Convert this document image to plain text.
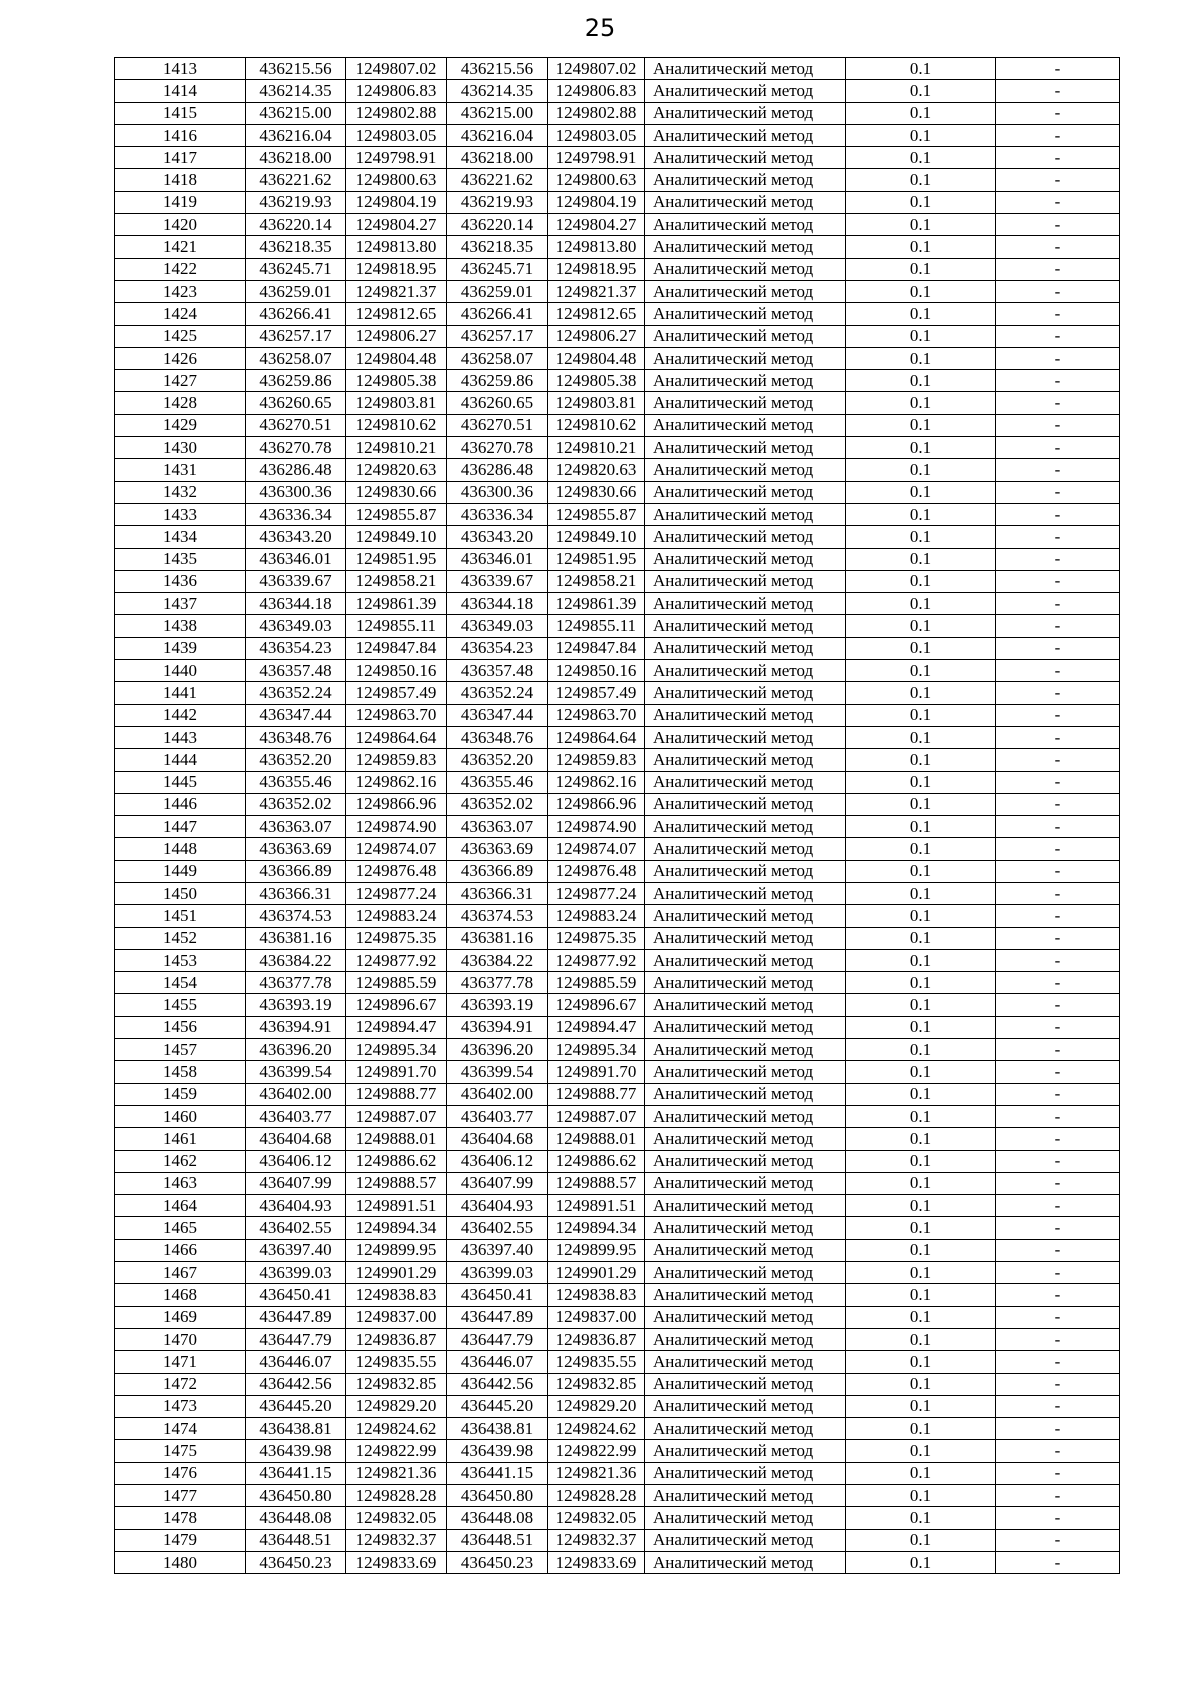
25
1413	436215.56	1249807.02	436215.56	1249807.02	Аналитический метод	0.1	-
1414	436214.35	1249806.83	436214.35	1249806.83	Аналитический метод	0.1	-
1415	436215.00	1249802.88	436215.00	1249802.88	Аналитический метод	0.1	-
1416	436216.04	1249803.05	436216.04	1249803.05	Аналитический метод	0.1	-
1417	436218.00	1249798.91	436218.00	1249798.91	Аналитический метод	0.1	-
1418	436221.62	1249800.63	436221.62	1249800.63	Аналитический метод	0.1	-
1419	436219.93	1249804.19	436219.93	1249804.19	Аналитический метод	0.1	-
1420	436220.14	1249804.27	436220.14	1249804.27	Аналитический метод	0.1	-
1421	436218.35	1249813.80	436218.35	1249813.80	Аналитический метод	0.1	-
1422	436245.71	1249818.95	436245.71	1249818.95	Аналитический метод	0.1	-
1423	436259.01	1249821.37	436259.01	1249821.37	Аналитический метод	0.1	-
1424	436266.41	1249812.65	436266.41	1249812.65	Аналитический метод	0.1	-
1425	436257.17	1249806.27	436257.17	1249806.27	Аналитический метод	0.1	-
1426	436258.07	1249804.48	436258.07	1249804.48	Аналитический метод	0.1	-
1427	436259.86	1249805.38	436259.86	1249805.38	Аналитический метод	0.1	-
1428	436260.65	1249803.81	436260.65	1249803.81	Аналитический метод	0.1	-
1429	436270.51	1249810.62	436270.51	1249810.62	Аналитический метод	0.1	-
1430	436270.78	1249810.21	436270.78	1249810.21	Аналитический метод	0.1	-
1431	436286.48	1249820.63	436286.48	1249820.63	Аналитический метод	0.1	-
1432	436300.36	1249830.66	436300.36	1249830.66	Аналитический метод	0.1	-
1433	436336.34	1249855.87	436336.34	1249855.87	Аналитический метод	0.1	-
1434	436343.20	1249849.10	436343.20	1249849.10	Аналитический метод	0.1	-
1435	436346.01	1249851.95	436346.01	1249851.95	Аналитический метод	0.1	-
1436	436339.67	1249858.21	436339.67	1249858.21	Аналитический метод	0.1	-
1437	436344.18	1249861.39	436344.18	1249861.39	Аналитический метод	0.1	-
1438	436349.03	1249855.11	436349.03	1249855.11	Аналитический метод	0.1	-
1439	436354.23	1249847.84	436354.23	1249847.84	Аналитический метод	0.1	-
1440	436357.48	1249850.16	436357.48	1249850.16	Аналитический метод	0.1	-
1441	436352.24	1249857.49	436352.24	1249857.49	Аналитический метод	0.1	-
1442	436347.44	1249863.70	436347.44	1249863.70	Аналитический метод	0.1	-
1443	436348.76	1249864.64	436348.76	1249864.64	Аналитический метод	0.1	-
1444	436352.20	1249859.83	436352.20	1249859.83	Аналитический метод	0.1	-
1445	436355.46	1249862.16	436355.46	1249862.16	Аналитический метод	0.1	-
1446	436352.02	1249866.96	436352.02	1249866.96	Аналитический метод	0.1	-
1447	436363.07	1249874.90	436363.07	1249874.90	Аналитический метод	0.1	-
1448	436363.69	1249874.07	436363.69	1249874.07	Аналитический метод	0.1	-
1449	436366.89	1249876.48	436366.89	1249876.48	Аналитический метод	0.1	-
1450	436366.31	1249877.24	436366.31	1249877.24	Аналитический метод	0.1	-
1451	436374.53	1249883.24	436374.53	1249883.24	Аналитический метод	0.1	-
1452	436381.16	1249875.35	436381.16	1249875.35	Аналитический метод	0.1	-
1453	436384.22	1249877.92	436384.22	1249877.92	Аналитический метод	0.1	-
1454	436377.78	1249885.59	436377.78	1249885.59	Аналитический метод	0.1	-
1455	436393.19	1249896.67	436393.19	1249896.67	Аналитический метод	0.1	-
1456	436394.91	1249894.47	436394.91	1249894.47	Аналитический метод	0.1	-
1457	436396.20	1249895.34	436396.20	1249895.34	Аналитический метод	0.1	-
1458	436399.54	1249891.70	436399.54	1249891.70	Аналитический метод	0.1	-
1459	436402.00	1249888.77	436402.00	1249888.77	Аналитический метод	0.1	-
1460	436403.77	1249887.07	436403.77	1249887.07	Аналитический метод	0.1	-
1461	436404.68	1249888.01	436404.68	1249888.01	Аналитический метод	0.1	-
1462	436406.12	1249886.62	436406.12	1249886.62	Аналитический метод	0.1	-
1463	436407.99	1249888.57	436407.99	1249888.57	Аналитический метод	0.1	-
1464	436404.93	1249891.51	436404.93	1249891.51	Аналитический метод	0.1	-
1465	436402.55	1249894.34	436402.55	1249894.34	Аналитический метод	0.1	-
1466	436397.40	1249899.95	436397.40	1249899.95	Аналитический метод	0.1	-
1467	436399.03	1249901.29	436399.03	1249901.29	Аналитический метод	0.1	-
1468	436450.41	1249838.83	436450.41	1249838.83	Аналитический метод	0.1	-
1469	436447.89	1249837.00	436447.89	1249837.00	Аналитический метод	0.1	-
1470	436447.79	1249836.87	436447.79	1249836.87	Аналитический метод	0.1	-
1471	436446.07	1249835.55	436446.07	1249835.55	Аналитический метод	0.1	-
1472	436442.56	1249832.85	436442.56	1249832.85	Аналитический метод	0.1	-
1473	436445.20	1249829.20	436445.20	1249829.20	Аналитический метод	0.1	-
1474	436438.81	1249824.62	436438.81	1249824.62	Аналитический метод	0.1	-
1475	436439.98	1249822.99	436439.98	1249822.99	Аналитический метод	0.1	-
1476	436441.15	1249821.36	436441.15	1249821.36	Аналитический метод	0.1	-
1477	436450.80	1249828.28	436450.80	1249828.28	Аналитический метод	0.1	-
1478	436448.08	1249832.05	436448.08	1249832.05	Аналитический метод	0.1	-
1479	436448.51	1249832.37	436448.51	1249832.37	Аналитический метод	0.1	-
1480	436450.23	1249833.69	436450.23	1249833.69	Аналитический метод	0.1	-
